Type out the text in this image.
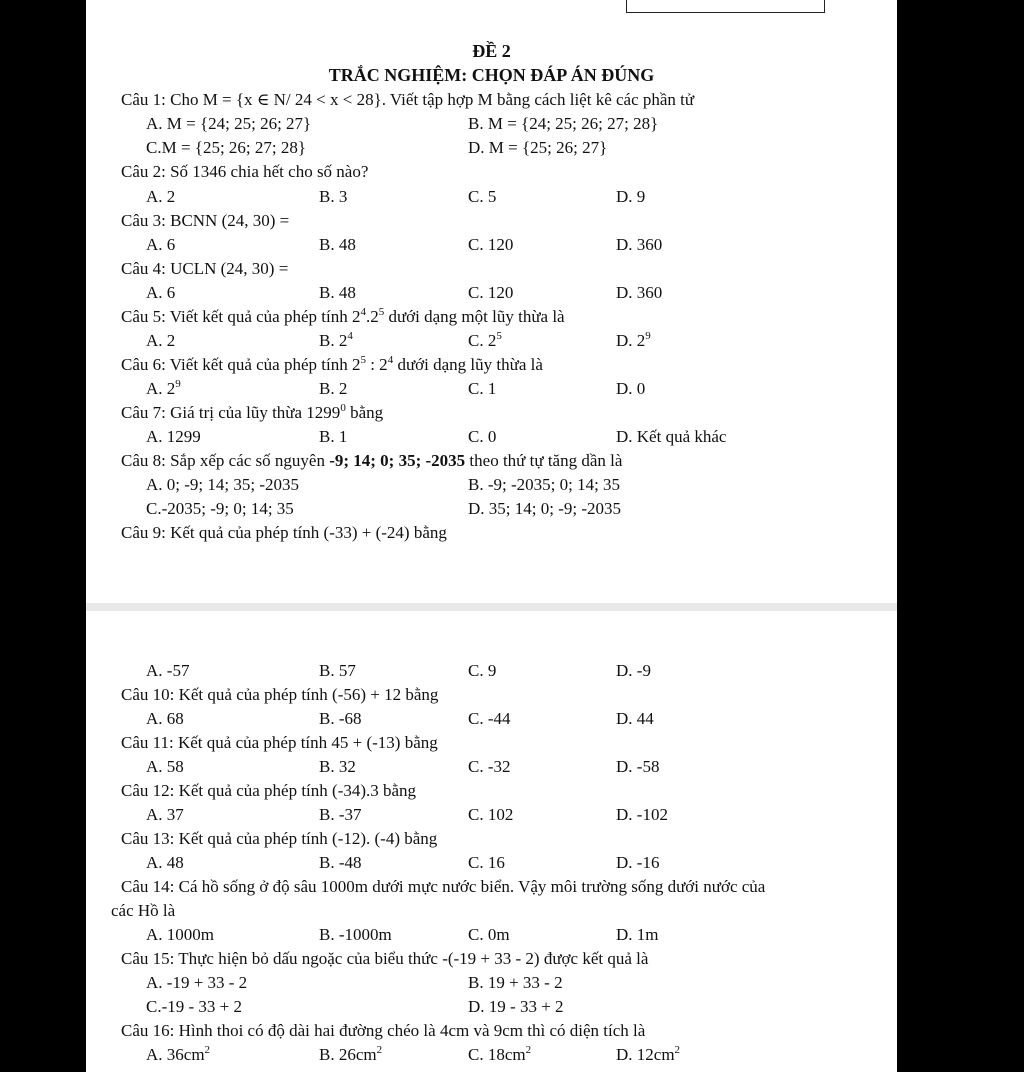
ĐỀ 2
TRẮC NGHIỆM: CHỌN ĐÁP ÁN ĐÚNG
Câu 1: Cho M = {x ∈ N/ 24 < x < 28}. Viết tập hợp M bằng cách liệt kê các phần tử
A. M = {24; 25; 26; 27}	B. M = {24; 25; 26; 27; 28}
C.M = {25; 26; 27; 28}	D. M = {25; 26; 27}
Câu 2: Số 1346 chia hết cho số nào?
A. 2	B. 3	C. 5	D. 9
Câu 3: BCNN (24, 30) =
A. 6	B. 48	C. 120	D. 360
Câu 4: UCLN (24, 30) =
A. 6	B. 48	C. 120	D. 360
Câu 5: Viết kết quả của phép tính $2^4.2^5$ dưới dạng một lũy thừa là
A. 2	B. $2^4$	C. $2^5$	D. $2^9$
Câu 6: Viết kết quả của phép tính $2^5$ : $2^4$ dưới dạng lũy thừa là
A. $2^9$	B. 2	C. 1	D. 0
Câu 7: Giá trị của lũy thừa 1299$^0$ bằng
A. 1299	B. 1	C. 0	D. Kết quả khác
Câu 8: Sắp xếp các số nguyên -9; 14; 0; 35; -2035 theo thứ tự tăng dần là
A. 0; -9; 14; 35; -2035	B. -9; -2035; 0; 14; 35
C.-2035; -9; 0; 14; 35	D. 35; 14; 0; -9; -2035
Câu 9: Kết quả của phép tính (-33) + (-24) bằng
A. -57	B. 57	C. 9	D. -9
Câu 10: Kết quả của phép tính (-56) + 12 bằng
A. 68	B. -68	C. -44	D. 44
Câu 11: Kết quả của phép tính 45 + (-13) bằng
A. 58	B. 32	C. -32	D. -58
Câu 12: Kết quả của phép tính (-34).3 bằng
A. 37	B. -37	C. 102	D. -102
Câu 13: Kết quả của phép tính (-12). (-4) bằng
A. 48	B. -48	C. 16	D. -16
Câu 14: Cá hồ sống ở độ sâu 1000m dưới mực nước biển. Vậy môi trường sống dưới nước của
các Hồ là
A. 1000m	B. -1000m	C. 0m	D. 1m
Câu 15: Thực hiện bỏ dấu ngoặc của biểu thức -(-19 + 33 - 2) được kết quả là
A. -19 + 33 - 2	B. 19 + 33 - 2
C.-19 - 33 + 2	D. 19 - 33 + 2
Câu 16: Hình thoi có độ dài hai đường chéo là 4cm và 9cm thì có diện tích là
A. $36cm^2$	B. $26cm^2$	C. $18cm^2$	D. $12cm^2$
